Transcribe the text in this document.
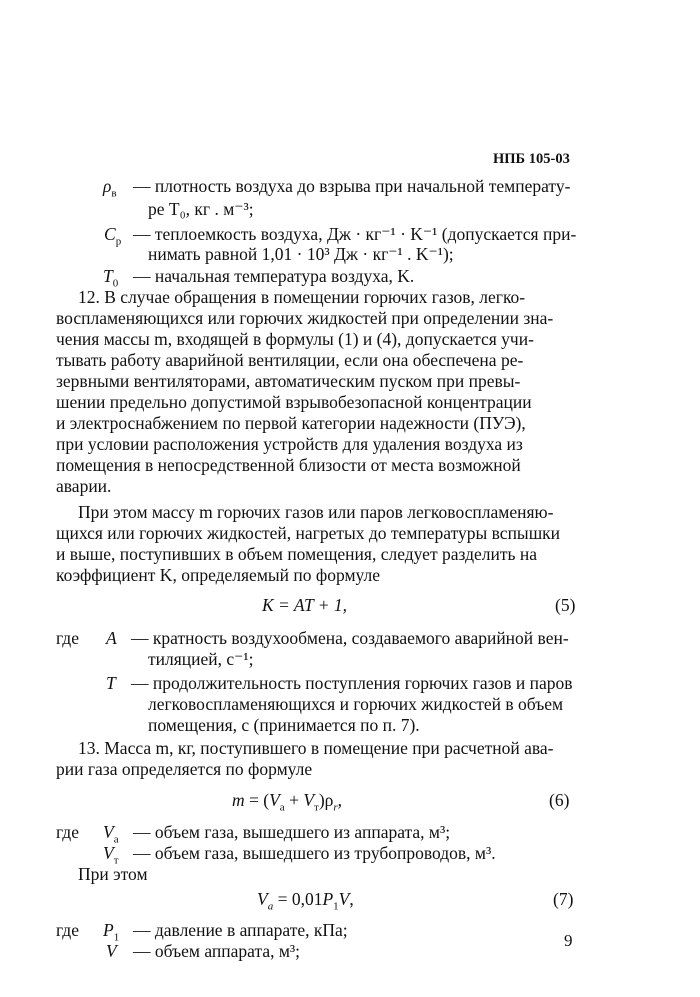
НПБ 105-03
$\rho_в$ — плотность воздуха до взрыва при начальной температу-
ре T₀, кг . м⁻³;
$C_р$ — теплоемкость воздуха, Дж · кг⁻¹ · K⁻¹ (допускается при-
нимать равной 1,01 · 10³ Дж · кг⁻¹ . K⁻¹);
$T_0$ — начальная температура воздуха, K.
12. В случае обращения в помещении горючих газов, легко-
воспламеняющихся или горючих жидкостей при определении зна-
чения массы m, входящей в формулы (1) и (4), допускается учи-
тывать работу аварийной вентиляции, если она обеспечена ре-
зервными вентиляторами, автоматическим пуском при превы-
шении предельно допустимой взрывобезопасной концентрации
и электроснабжением по первой категории надежности (ПУЭ),
при условии расположения устройств для удаления воздуха из
помещения в непосредственной близости от места возможной
аварии.
При этом массу m горючих газов или паров легковоспламеняю-
щихся или горючих жидкостей, нагретых до температуры вспышки
и выше, поступивших в объем помещения, следует разделить на
коэффициент K, определяемый по формуле
K = AT + 1,	(5)
где A — кратность воздухообмена, создаваемого аварийной вен-
тиляцией, с⁻¹;
T — продолжительность поступления горючих газов и паров
легковоспламеняющихся и горючих жидкостей в объем
помещения, с (принимается по п. 7).
13. Масса m, кг, поступившего в помещение при расчетной ава-
рии газа определяется по формуле
$m = (V_а + V_т)\rho_r$,	(6)
где $V_а$ — объем газа, вышедшего из аппарата, м³;
$V_т$ — объем газа, вышедшего из трубопроводов, м³.
При этом
$V_a = 0,01P_1V$,	(7)
где $P_1$ — давление в аппарате, кПа;
V — объем аппарата, м³;
9
